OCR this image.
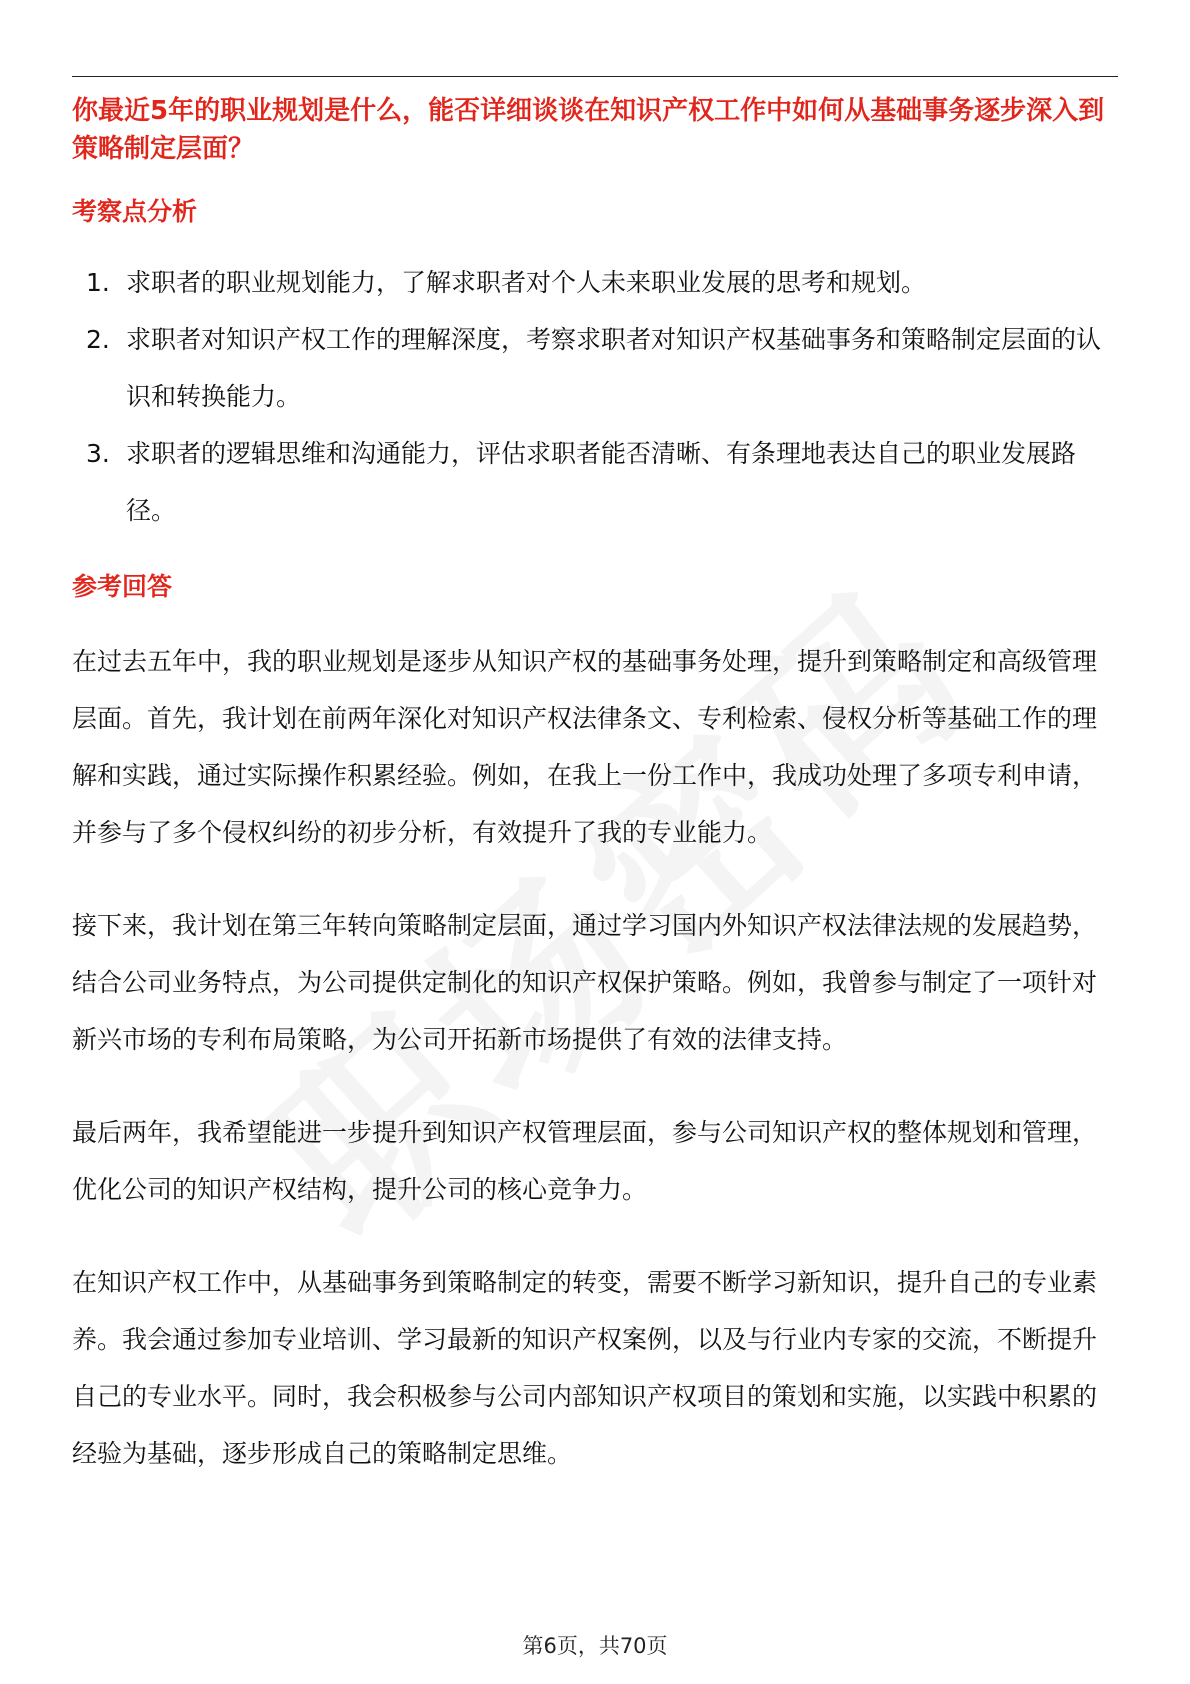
你最近5年的职业规划是什么，能否详细谈谈在知识产权工作中如何从基础事务逐步深入到策略制定层面？
考察点分析
1. 求职者的职业规划能力，了解求职者对个人未来职业发展的思考和规划。
2. 求职者对知识产权工作的理解深度，考察求职者对知识产权基础事务和策略制定层面的认识和转换能力。
3. 求职者的逻辑思维和沟通能力，评估求职者能否清晰、有条理地表达自己的职业发展路径。
参考回答

在过去五年中，我的职业规划是逐步从知识产权的基础事务处理，提升到策略制定和高级管理层面。首先，我计划在前两年深化对知识产权法律条文、专利检索、侵权分析等基础工作的理解和实践，通过实际操作积累经验。例如，在我上一份工作中，我成功处理了多项专利申请，并参与了多个侵权纠纷的初步分析，有效提升了我的专业能力。

接下来，我计划在第三年转向策略制定层面，通过学习国内外知识产权法律法规的发展趋势，结合公司业务特点，为公司提供定制化的知识产权保护策略。例如，我曾参与制定了一项针对新兴市场的专利布局策略，为公司开拓新市场提供了有效的法律支持。

最后两年，我希望能进一步提升到知识产权管理层面，参与公司知识产权的整体规划和管理，优化公司的知识产权结构，提升公司的核心竞争力。

在知识产权工作中，从基础事务到策略制定的转变，需要不断学习新知识，提升自己的专业素养。我会通过参加专业培训、学习最新的知识产权案例，以及与行业内专家的交流，不断提升自己的专业水平。同时，我会积极参与公司内部知识产权项目的策划和实施，以实践中积累的经验为基础，逐步形成自己的策略制定思维。

第6页，共70页
